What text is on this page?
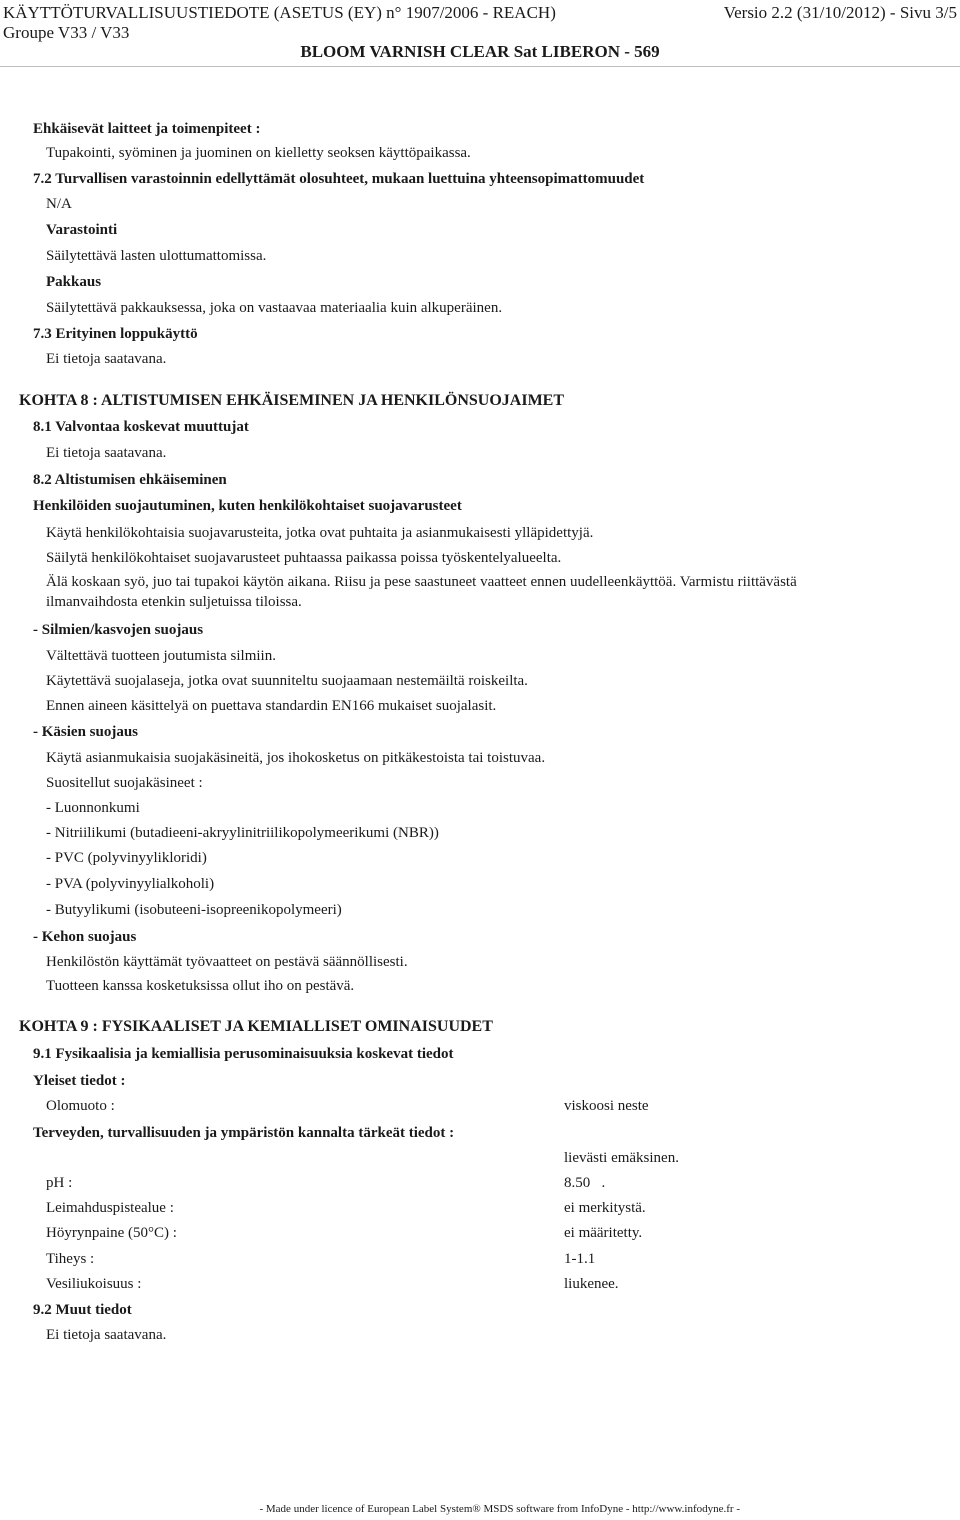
KÄYTTÖTURVALLISUUSTIEDOTE (ASETUS (EY) n° 1907/2006 - REACH)	Versio 2.2 (31/10/2012) - Sivu 3/5
Groupe V33 / V33
BLOOM VARNISH CLEAR Sat LIBERON - 569
Ehkäisevät laitteet ja toimenpiteet :
Tupakointi, syöminen ja juominen on kielletty seoksen käyttöpaikassa.
7.2 Turvallisen varastoinnin edellyttämät olosuhteet, mukaan luettuina yhteensopimattomuudet
N/A
Varastointi
Säilytettävä lasten ulottumattomissa.
Pakkaus
Säilytettävä pakkauksessa, joka on vastaavaa materiaalia kuin alkuperäinen.
7.3 Erityinen loppukäyttö
Ei tietoja saatavana.
KOHTA 8 : ALTISTUMISEN EHKÄISEMINEN JA HENKILÖNSUOJAIMET
8.1 Valvontaa koskevat muuttujat
Ei tietoja saatavana.
8.2 Altistumisen ehkäiseminen
Henkilöiden suojautuminen, kuten henkilökohtaiset suojavarusteet
Käytä henkilökohtaisia suojavarusteita, jotka ovat puhtaita ja asianmukaisesti ylläpidettyjä.
Säilytä henkilökohtaiset suojavarusteet puhtaassa paikassa poissa työskentelyalueelta.
Älä koskaan syö, juo tai tupakoi käytön aikana. Riisu ja pese saastuneet vaatteet ennen uudelleenkäyttöä. Varmistu riittävästä
ilmanvaihdosta etenkin suljetuissa tiloissa.
- Silmien/kasvojen suojaus
Vältettävä tuotteen joutumista silmiin.
Käytettävä suojalaseja, jotka ovat suunniteltu suojaamaan nestemäiltä roiskeilta.
Ennen aineen käsittelyä on puettava standardin EN166 mukaiset suojalasit.
- Käsien suojaus
Käytä asianmukaisia suojakäsineitä, jos ihokosketus on pitkäkestoista tai toistuvaa.
Suositellut suojakäsineet :
- Luonnonkumi
- Nitriilikumi (butadieeni-akryylinitriilikopolymeerikumi (NBR))
- PVC (polyvinyylikloridi)
- PVA (polyvinyylialkoholi)
- Butyylikumi (isobuteeni-isopreenikopolymeeri)
- Kehon suojaus
Henkilöstön käyttämät työvaatteet on pestävä säännöllisesti.
Tuotteen kanssa kosketuksissa ollut iho on pestävä.
KOHTA 9 : FYSIKAALISET JA KEMIALLISET OMINAISUUDET
9.1 Fysikaalisia ja kemiallisia perusominaisuuksia koskevat tiedot
Yleiset tiedot :
Olomuoto :	viskoosi neste
Terveyden, turvallisuuden ja ympäristön kannalta tärkeät tiedot :
lievästi emäksinen.
pH :	8.50   .
Leimahduspistealue :	ei merkitystä.
Höyrynpaine (50°C) :	ei määritetty.
Tiheys :	1-1.1
Vesiliukoisuus :	liukenee.
9.2 Muut tiedot
Ei tietoja saatavana.
- Made under licence of European Label System® MSDS software from InfoDyne - http://www.infodyne.fr -
